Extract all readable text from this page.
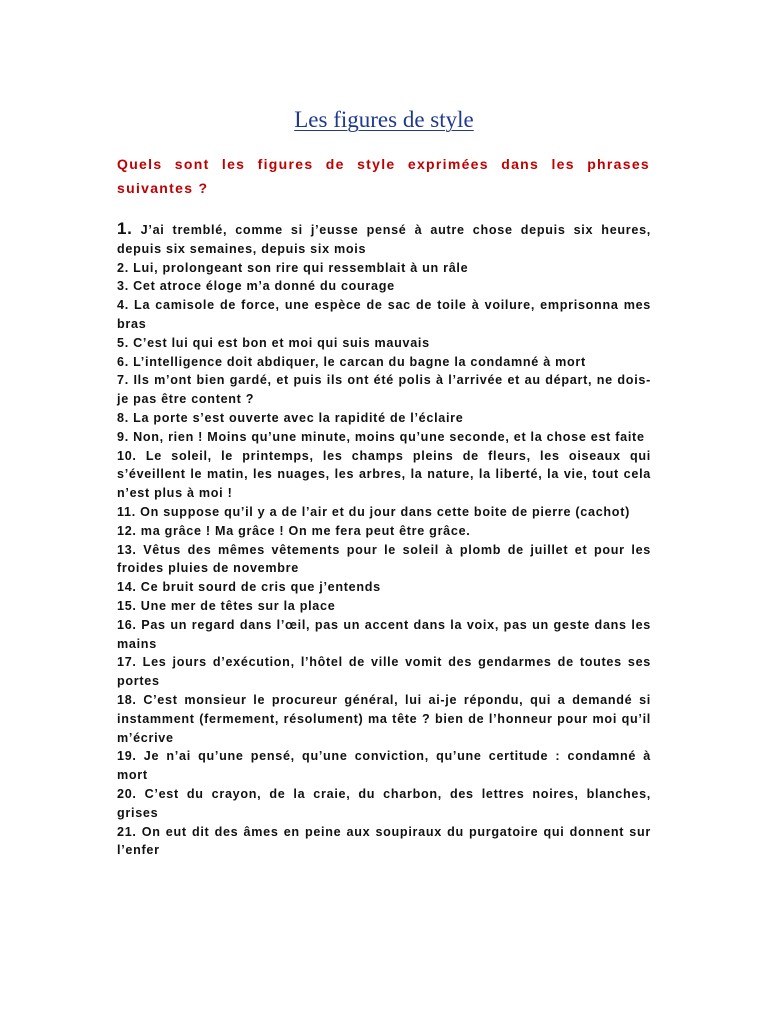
Les figures de style
Quels sont les figures de style exprimées dans les phrases suivantes ?
1. J’ai tremblé, comme si j’eusse pensé à autre chose depuis six heures, depuis six semaines, depuis six mois
2. Lui, prolongeant son rire qui ressemblait à un râle
3. Cet atroce éloge m’a donné du courage
4. La camisole de force, une espèce de sac de toile à voilure, emprisonna mes bras
5. C’est lui qui est bon et moi qui suis mauvais
6. L’intelligence doit abdiquer, le carcan du bagne la condamné à mort
7. Ils m’ont bien gardé, et puis ils ont été polis à l’arrivée et au départ, ne dois-je pas être content ?
8. La porte s’est ouverte avec la rapidité de l’éclaire
9. Non, rien ! Moins qu’une minute, moins qu’une seconde, et la chose est faite
10. Le soleil, le printemps, les champs pleins de fleurs, les oiseaux qui s’éveillent le matin, les nuages, les arbres, la nature, la liberté, la vie, tout cela n’est plus à moi !
11. On suppose qu’il y a de l’air et du jour dans cette boite de pierre (cachot)
12. ma grâce ! Ma grâce ! On me fera peut être grâce.
13. Vêtus des mêmes vêtements pour le soleil à plomb de juillet et pour les froides pluies de novembre
14. Ce bruit sourd de cris que j’entends
15. Une mer de têtes sur la place
16. Pas un regard dans l’œil, pas un accent dans la voix, pas un geste dans les mains
17. Les jours d’exécution, l’hôtel de ville vomit des gendarmes de toutes ses portes
18. C’est monsieur le procureur général, lui ai-je répondu, qui a demandé si instamment (fermement, résolument) ma tête ? bien de l’honneur pour moi qu’il m’écrive
19. Je n’ai qu’une pensé, qu’une conviction, qu’une certitude : condamné à mort
20. C’est du crayon, de la craie, du charbon, des lettres noires, blanches, grises
21. On eut dit des âmes en peine aux soupiraux du purgatoire qui donnent sur l’enfer
